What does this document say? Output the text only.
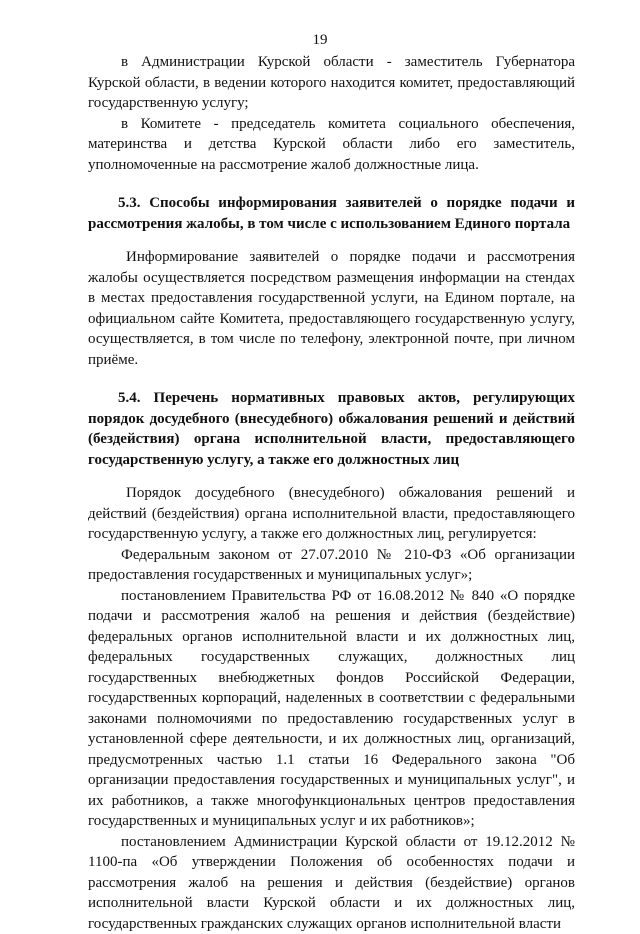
19

в Администрации Курской области - заместитель Губернатора Курской области, в ведении которого находится комитет, предоставляющий государственную услугу;

в Комитете - председатель комитета социального обеспечения, материнства и детства Курской области либо его заместитель, уполномоченные на рассмотрение жалоб должностные лица.

5.3. Способы информирования заявителей о порядке подачи и рассмотрения жалобы, в том числе с использованием Единого портала

Информирование заявителей о порядке подачи и рассмотрения жалобы осуществляется посредством размещения информации на стендах в местах предоставления государственной услуги, на Едином портале, на официальном сайте Комитета, предоставляющего государственную услугу, осуществляется, в том числе по телефону, электронной почте, при личном приёме.

5.4. Перечень нормативных правовых актов, регулирующих порядок досудебного (внесудебного) обжалования решений и действий (бездействия) органа исполнительной власти, предоставляющего государственную услугу, а также его должностных лиц

Порядок досудебного (внесудебного) обжалования решений и действий (бездействия) органа исполнительной власти, предоставляющего государственную услугу, а также его должностных лиц, регулируется:

Федеральным законом от 27.07.2010 № 210-ФЗ «Об организации предоставления государственных и муниципальных услуг»;

постановлением Правительства РФ от 16.08.2012 № 840 «О порядке подачи и рассмотрения жалоб на решения и действия (бездействие) федеральных органов исполнительной власти и их должностных лиц, федеральных государственных служащих, должностных лиц государственных внебюджетных фондов Российской Федерации, государственных корпораций, наделенных в соответствии с федеральными законами полномочиями по предоставлению государственных услуг в установленной сфере деятельности, и их должностных лиц, организаций, предусмотренных частью 1.1 статьи 16 Федерального закона "Об организации предоставления государственных и муниципальных услуг", и их работников, а также многофункциональных центров предоставления государственных и муниципальных услуг и их работников»;

постановлением Администрации Курской области от 19.12.2012 № 1100-па «Об утверждении Положения об особенностях подачи и рассмотрения жалоб на решения и действия (бездействие) органов исполнительной власти Курской области и их должностных лиц, государственных гражданских служащих органов исполнительной власти
